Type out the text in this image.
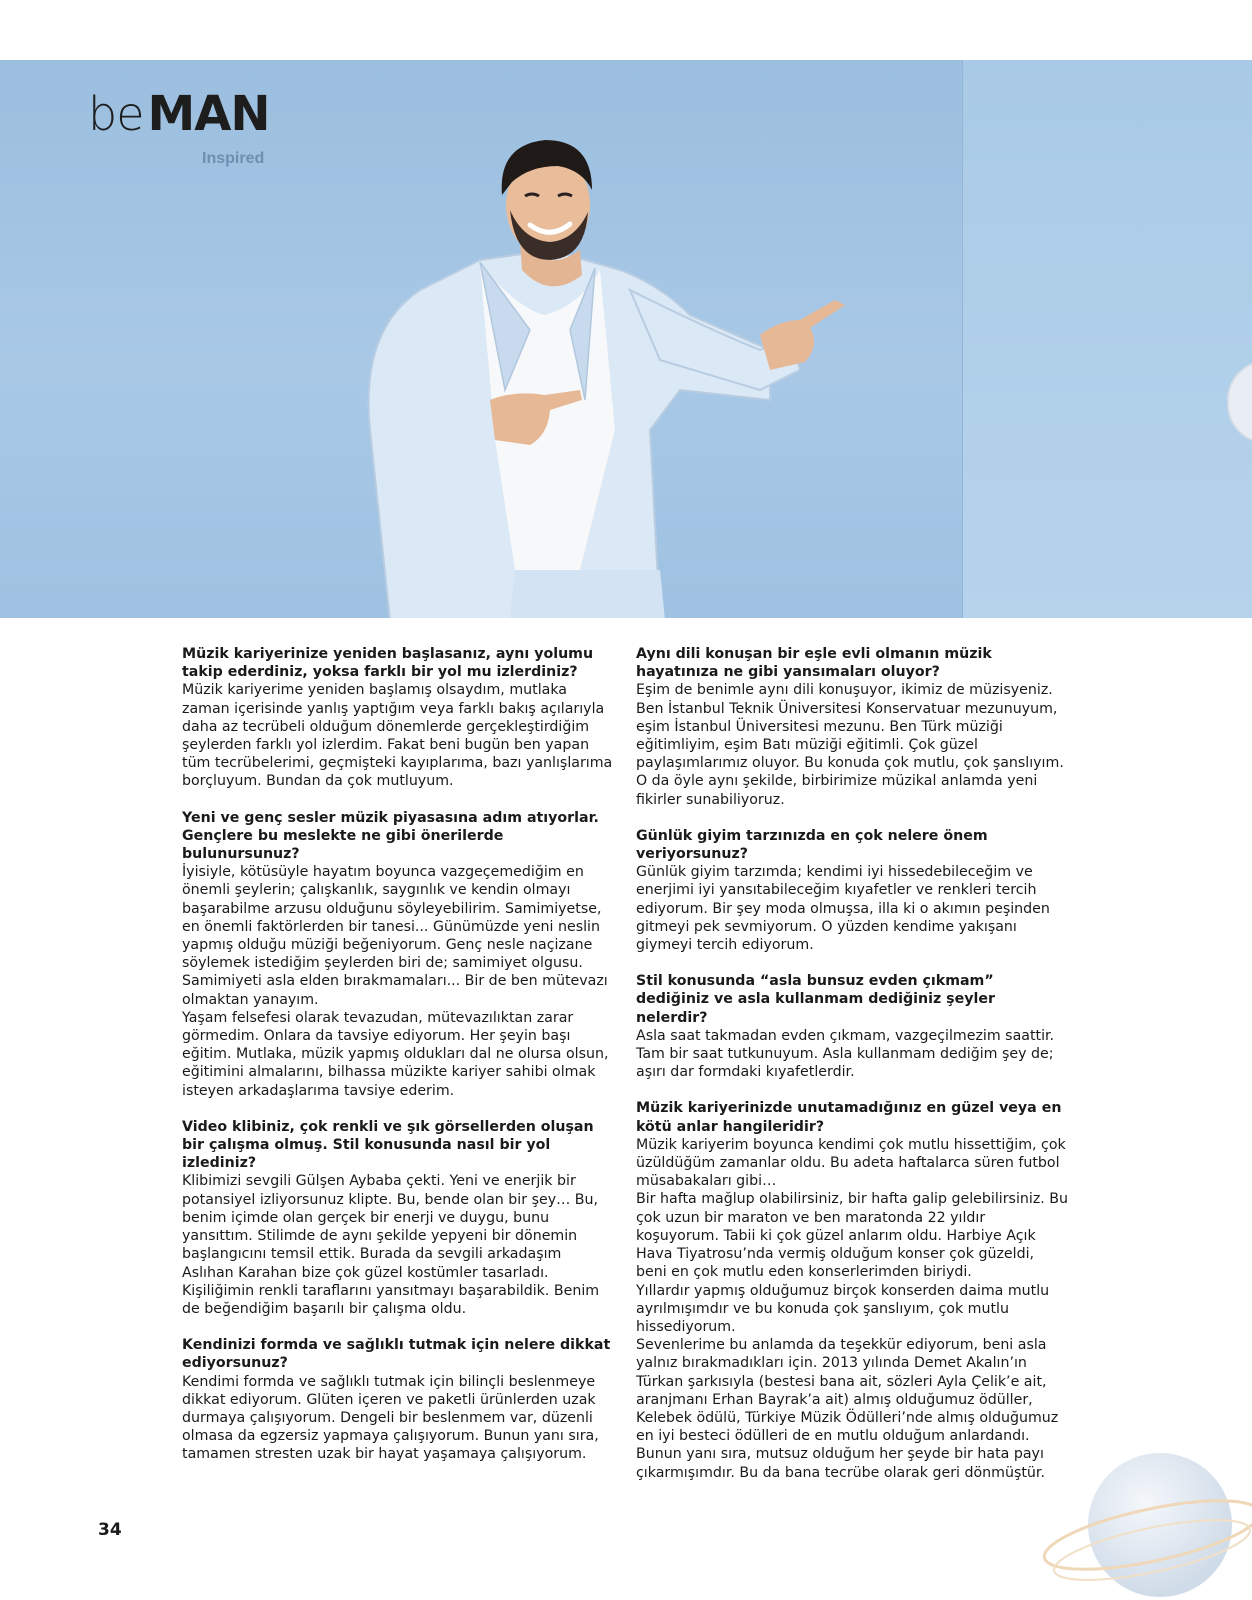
beMAN
Inspired

Müzik kariyerinize yeniden başlasanız, aynı yolumu takip ederdiniz, yoksa farklı bir yol mu izlerdiniz?

Müzik kariyerime yeniden başlamış olsaydım, mutlaka zaman içerisinde yanlış yaptığım veya farklı bakış açılarıyla daha az tecrübeli olduğum dönemlerde gerçekleştirdiğim şeylerden farklı yol izlerdim. Fakat beni bugün ben yapan tüm tecrübelerimi, geçmişteki kayıplarıma, bazı yanlışlarıma borçluyum. Bundan da çok mutluyum.

Yeni ve genç sesler müzik piyasasına adım atıyorlar. Gençlere bu meslekte ne gibi önerilerde bulunursunuz?

İyisiyle, kötüsüyle hayatım boyunca vazgeçemediğim en önemli şeylerin; çalışkanlık, saygınlık ve kendin olmayı başarabilme arzusu olduğunu söyleyebilirim. Samimiyetse, en önemli faktörlerden bir tanesi... Günümüzde yeni neslin yapmış olduğu müziği beğeniyorum. Genç nesle naçizane söylemek istediğim şeylerden biri de; samimiyet olgusu. Samimiyeti asla elden bırakmamaları... Bir de ben mütevazı olmaktan yanayım.
Yaşam felsefesi olarak tevazudan, mütevazılıktan zarar görmedim. Onlara da tavsiye ediyorum. Her şeyin başı eğitim. Mutlaka, müzik yapmış oldukları dal ne olursa olsun, eğitimini almalarını, bilhassa müzikte kariyer sahibi olmak isteyen arkadaşlarıma tavsiye ederim.

Video klibiniz, çok renkli ve şık görsellerden oluşan bir çalışma olmuş. Stil konusunda nasıl bir yol izlediniz?

Klibimizi sevgili Gülşen Aybaba çekti. Yeni ve enerjik bir potansiyel izliyorsunuz klipte. Bu, bende olan bir şey… Bu, benim içimde olan gerçek bir enerji ve duygu, bunu yansıttım. Stilimde de aynı şekilde yepyeni bir dönemin başlangıcını temsil ettik. Burada da sevgili arkadaşım Aslıhan Karahan bize çok güzel kostümler tasarladı. Kişiliğimin renkli taraflarını yansıtmayı başarabildik. Benim de beğendiğim başarılı bir çalışma oldu.

Kendinizi formda ve sağlıklı tutmak için nelere dikkat ediyorsunuz?

Kendimi formda ve sağlıklı tutmak için bilinçli beslenmeye dikkat ediyorum. Glüten içeren ve paketli ürünlerden uzak durmaya çalışıyorum. Dengeli bir beslenmem var, düzenli olmasa da egzersiz yapmaya çalışıyorum. Bunun yanı sıra, tamamen stresten uzak bir hayat yaşamaya çalışıyorum.

Aynı dili konuşan bir eşle evli olmanın müzik hayatınıza ne gibi yansımaları oluyor?

Eşim de benimle aynı dili konuşuyor, ikimiz de müzisyeniz. Ben İstanbul Teknik Üniversitesi Konservatuar mezunuyum, eşim İstanbul Üniversitesi mezunu. Ben Türk müziği eğitimliyim, eşim Batı müziği eğitimli. Çok güzel paylaşımlarımız oluyor. Bu konuda çok mutlu, çok şanslıyım. O da öyle aynı şekilde, birbirimize müzikal anlamda yeni fikirler sunabiliyoruz.

Günlük giyim tarzınızda en çok nelere önem veriyorsunuz?

Günlük giyim tarzımda; kendimi iyi hissedebileceğim ve enerjimi iyi yansıtabileceğim kıyafetler ve renkleri tercih ediyorum. Bir şey moda olmuşsa, illa ki o akımın peşinden gitmeyi pek sevmiyorum. O yüzden kendime yakışanı giymeyi tercih ediyorum.

Stil konusunda “asla bunsuz evden çıkmam” dediğiniz ve asla kullanmam dediğiniz şeyler nelerdir?

Asla saat takmadan evden çıkmam, vazgeçilmezim saattir. Tam bir saat tutkunuyum. Asla kullanmam dediğim şey de; aşırı dar formdaki kıyafetlerdir.

Müzik kariyerinizde unutamadığınız en güzel veya en kötü anlar hangileridir?

Müzik kariyerim boyunca kendimi çok mutlu hissettiğim, çok üzüldüğüm zamanlar oldu. Bu adeta haftalarca süren futbol müsabakaları gibi…
Bir hafta mağlup olabilirsiniz, bir hafta galip gelebilirsiniz. Bu çok uzun bir maraton ve ben maratonda 22 yıldır koşuyorum. Tabii ki çok güzel anlarım oldu. Harbiye Açık Hava Tiyatrosu’nda vermiş olduğum konser çok güzeldi, beni en çok mutlu eden konserlerimden biriydi.
Yıllardır yapmış olduğumuz birçok konserden daima mutlu ayrılmışımdır ve bu konuda çok şanslıyım, çok mutlu hissediyorum.
Sevenlerime bu anlamda da teşekkür ediyorum, beni asla yalnız bırakmadıkları için. 2013 yılında Demet Akalın’ın Türkan şarkısıyla (bestesi bana ait, sözleri Ayla Çelik’e ait, aranjmanı Erhan Bayrak’a ait) almış olduğumuz ödüller, Kelebek ödülü, Türkiye Müzik Ödülleri’nde almış olduğumuz en iyi besteci ödülleri de en mutlu olduğum anlardandı. Bunun yanı sıra, mutsuz olduğum her şeyde bir hata payı çıkarmışımdır. Bu da bana tecrübe olarak geri dönmüştür.

34
